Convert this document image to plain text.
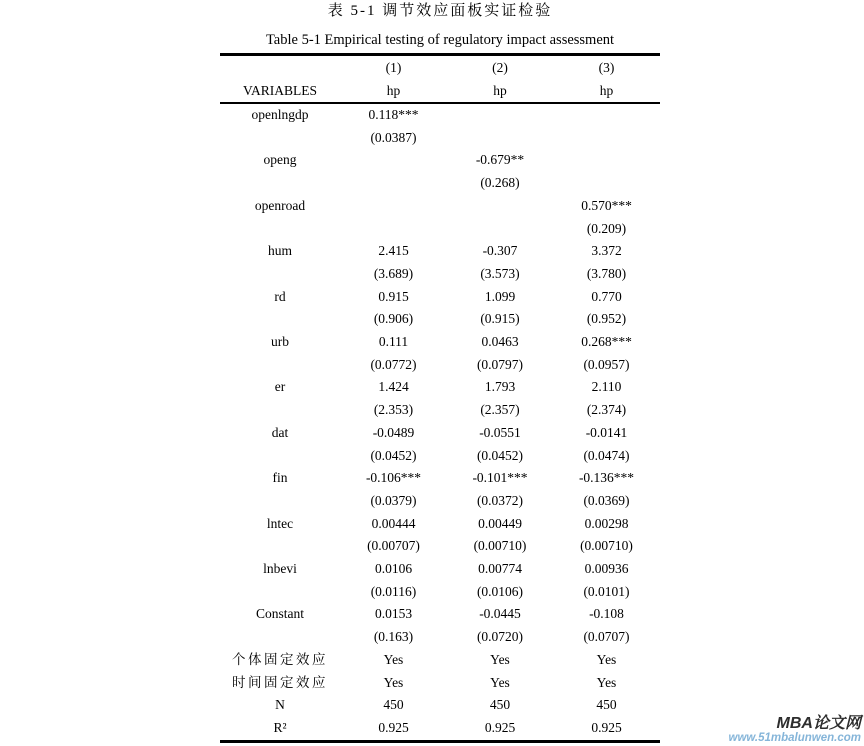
表 5-1 调节效应面板实证检验
Table 5-1 Empirical testing of regulatory impact assessment
	(1)	(2)	(3)
VARIABLES	hp	hp	hp
openlngdp	0.118***		
	(0.0387)		
openg		-0.679**	
		(0.268)	
openroad			0.570***
			(0.209)
hum	2.415	-0.307	3.372
	(3.689)	(3.573)	(3.780)
rd	0.915	1.099	0.770
	(0.906)	(0.915)	(0.952)
urb	0.111	0.0463	0.268***
	(0.0772)	(0.0797)	(0.0957)
er	1.424	1.793	2.110
	(2.353)	(2.357)	(2.374)
dat	-0.0489	-0.0551	-0.0141
	(0.0452)	(0.0452)	(0.0474)
fin	-0.106***	-0.101***	-0.136***
	(0.0379)	(0.0372)	(0.0369)
lntec	0.00444	0.00449	0.00298
	(0.00707)	(0.00710)	(0.00710)
lnbevi	0.0106	0.00774	0.00936
	(0.0116)	(0.0106)	(0.0101)
Constant	0.0153	-0.0445	-0.108
	(0.163)	(0.0720)	(0.0707)
个体固定效应	Yes	Yes	Yes
时间固定效应	Yes	Yes	Yes
N	450	450	450
R²	0.925	0.925	0.925	MBA论文网
www.51mbalunwen.com
